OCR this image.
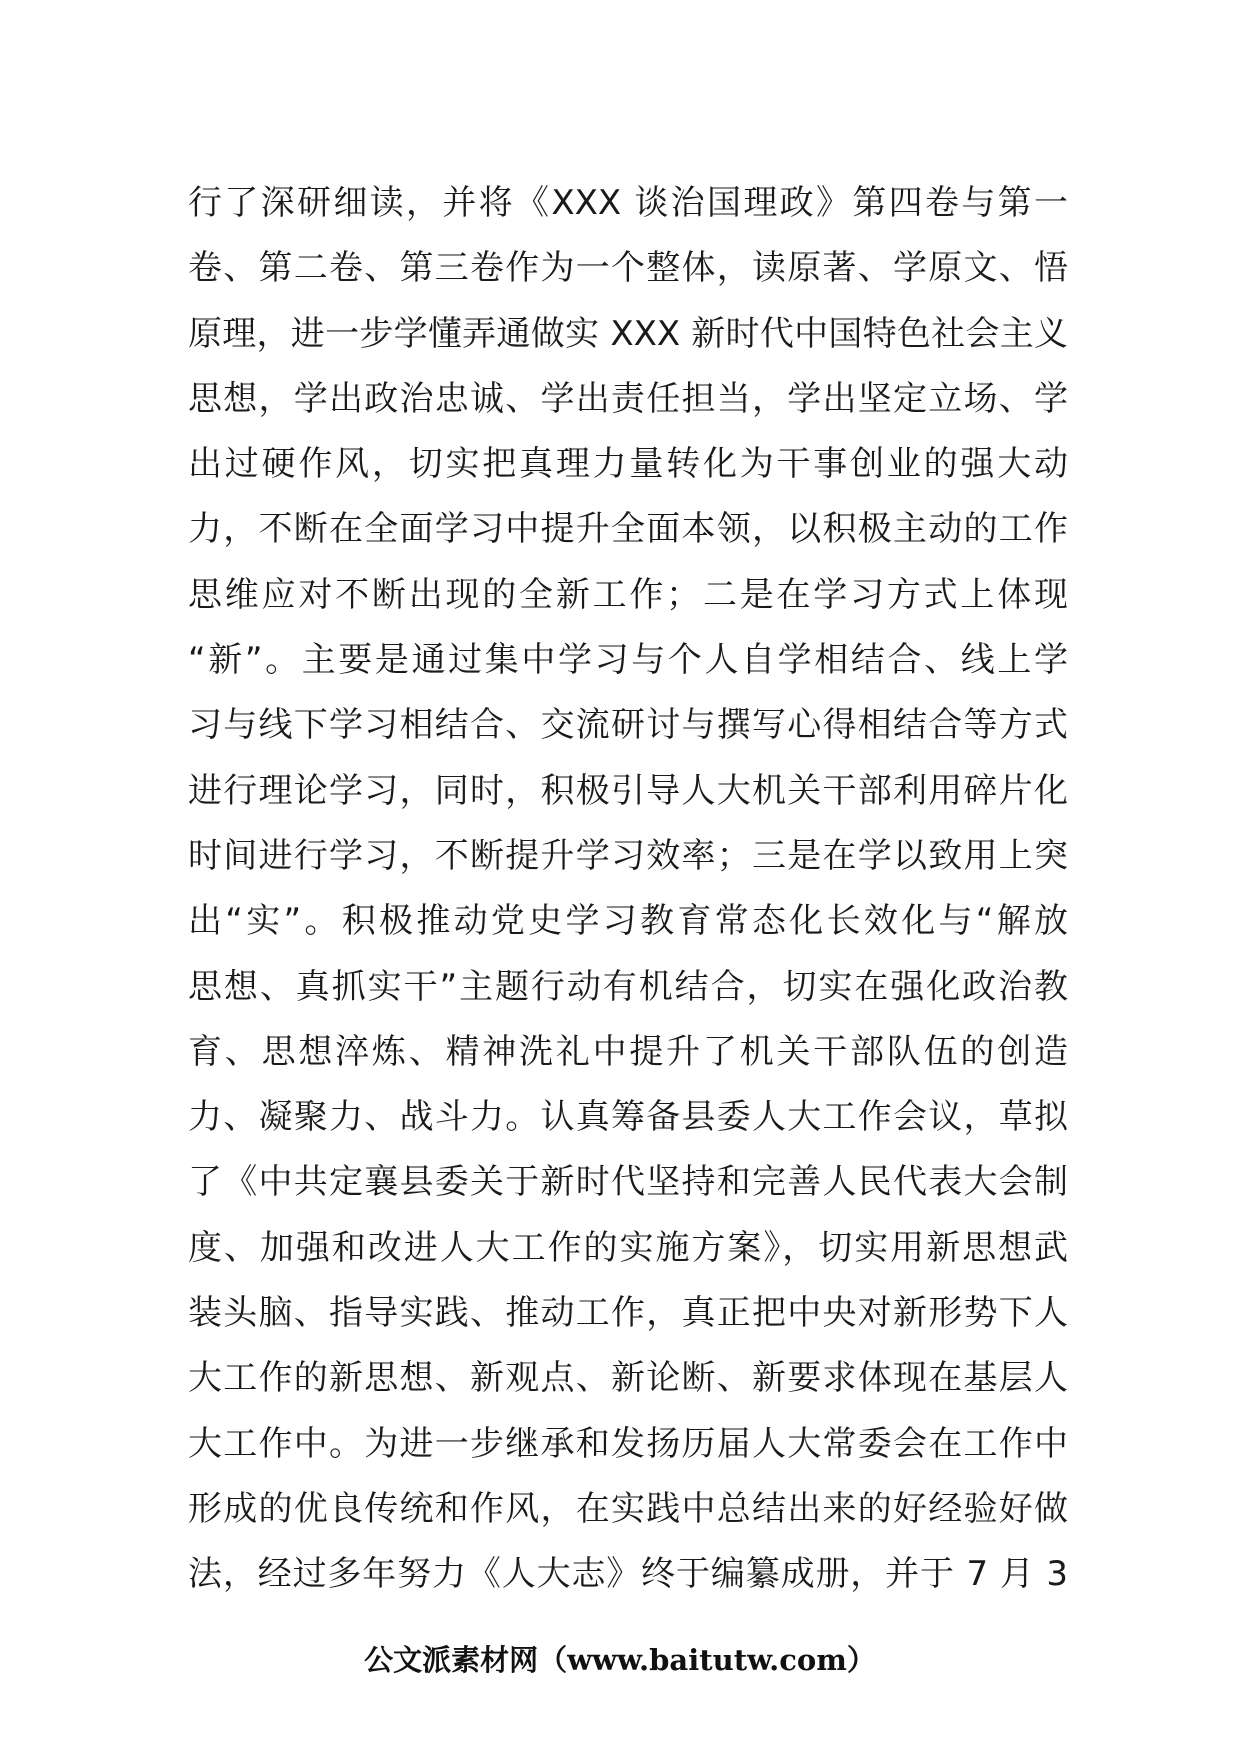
行了深研细读，并将《XXX 谈治国理政》第四卷与第一
卷、第二卷、第三卷作为一个整体，读原著、学原文、悟
原理，进一步学懂弄通做实 XXX 新时代中国特色社会主义
思想，学出政治忠诚、学出责任担当，学出坚定立场、学
出过硬作风，切实把真理力量转化为干事创业的强大动
力，不断在全面学习中提升全面本领，以积极主动的工作
思维应对不断出现的全新工作；二是在学习方式上体现
“新”。主要是通过集中学习与个人自学相结合、线上学
习与线下学习相结合、交流研讨与撰写心得相结合等方式
进行理论学习，同时，积极引导人大机关干部利用碎片化
时间进行学习，不断提升学习效率；三是在学以致用上突
出“实”。积极推动党史学习教育常态化长效化与“解放
思想、真抓实干”主题行动有机结合，切实在强化政治教
育、思想淬炼、精神洗礼中提升了机关干部队伍的创造
力、凝聚力、战斗力。认真筹备县委人大工作会议，草拟
了《中共定襄县委关于新时代坚持和完善人民代表大会制
度、加强和改进人大工作的实施方案》，切实用新思想武
装头脑、指导实践、推动工作，真正把中央对新形势下人
大工作的新思想、新观点、新论断、新要求体现在基层人
大工作中。为进一步继承和发扬历届人大常委会在工作中
形成的优良传统和作风，在实践中总结出来的好经验好做
法，经过多年努力《人大志》终于编纂成册，并于 7 月 3
公文派素材网（www.baitutw.com）
